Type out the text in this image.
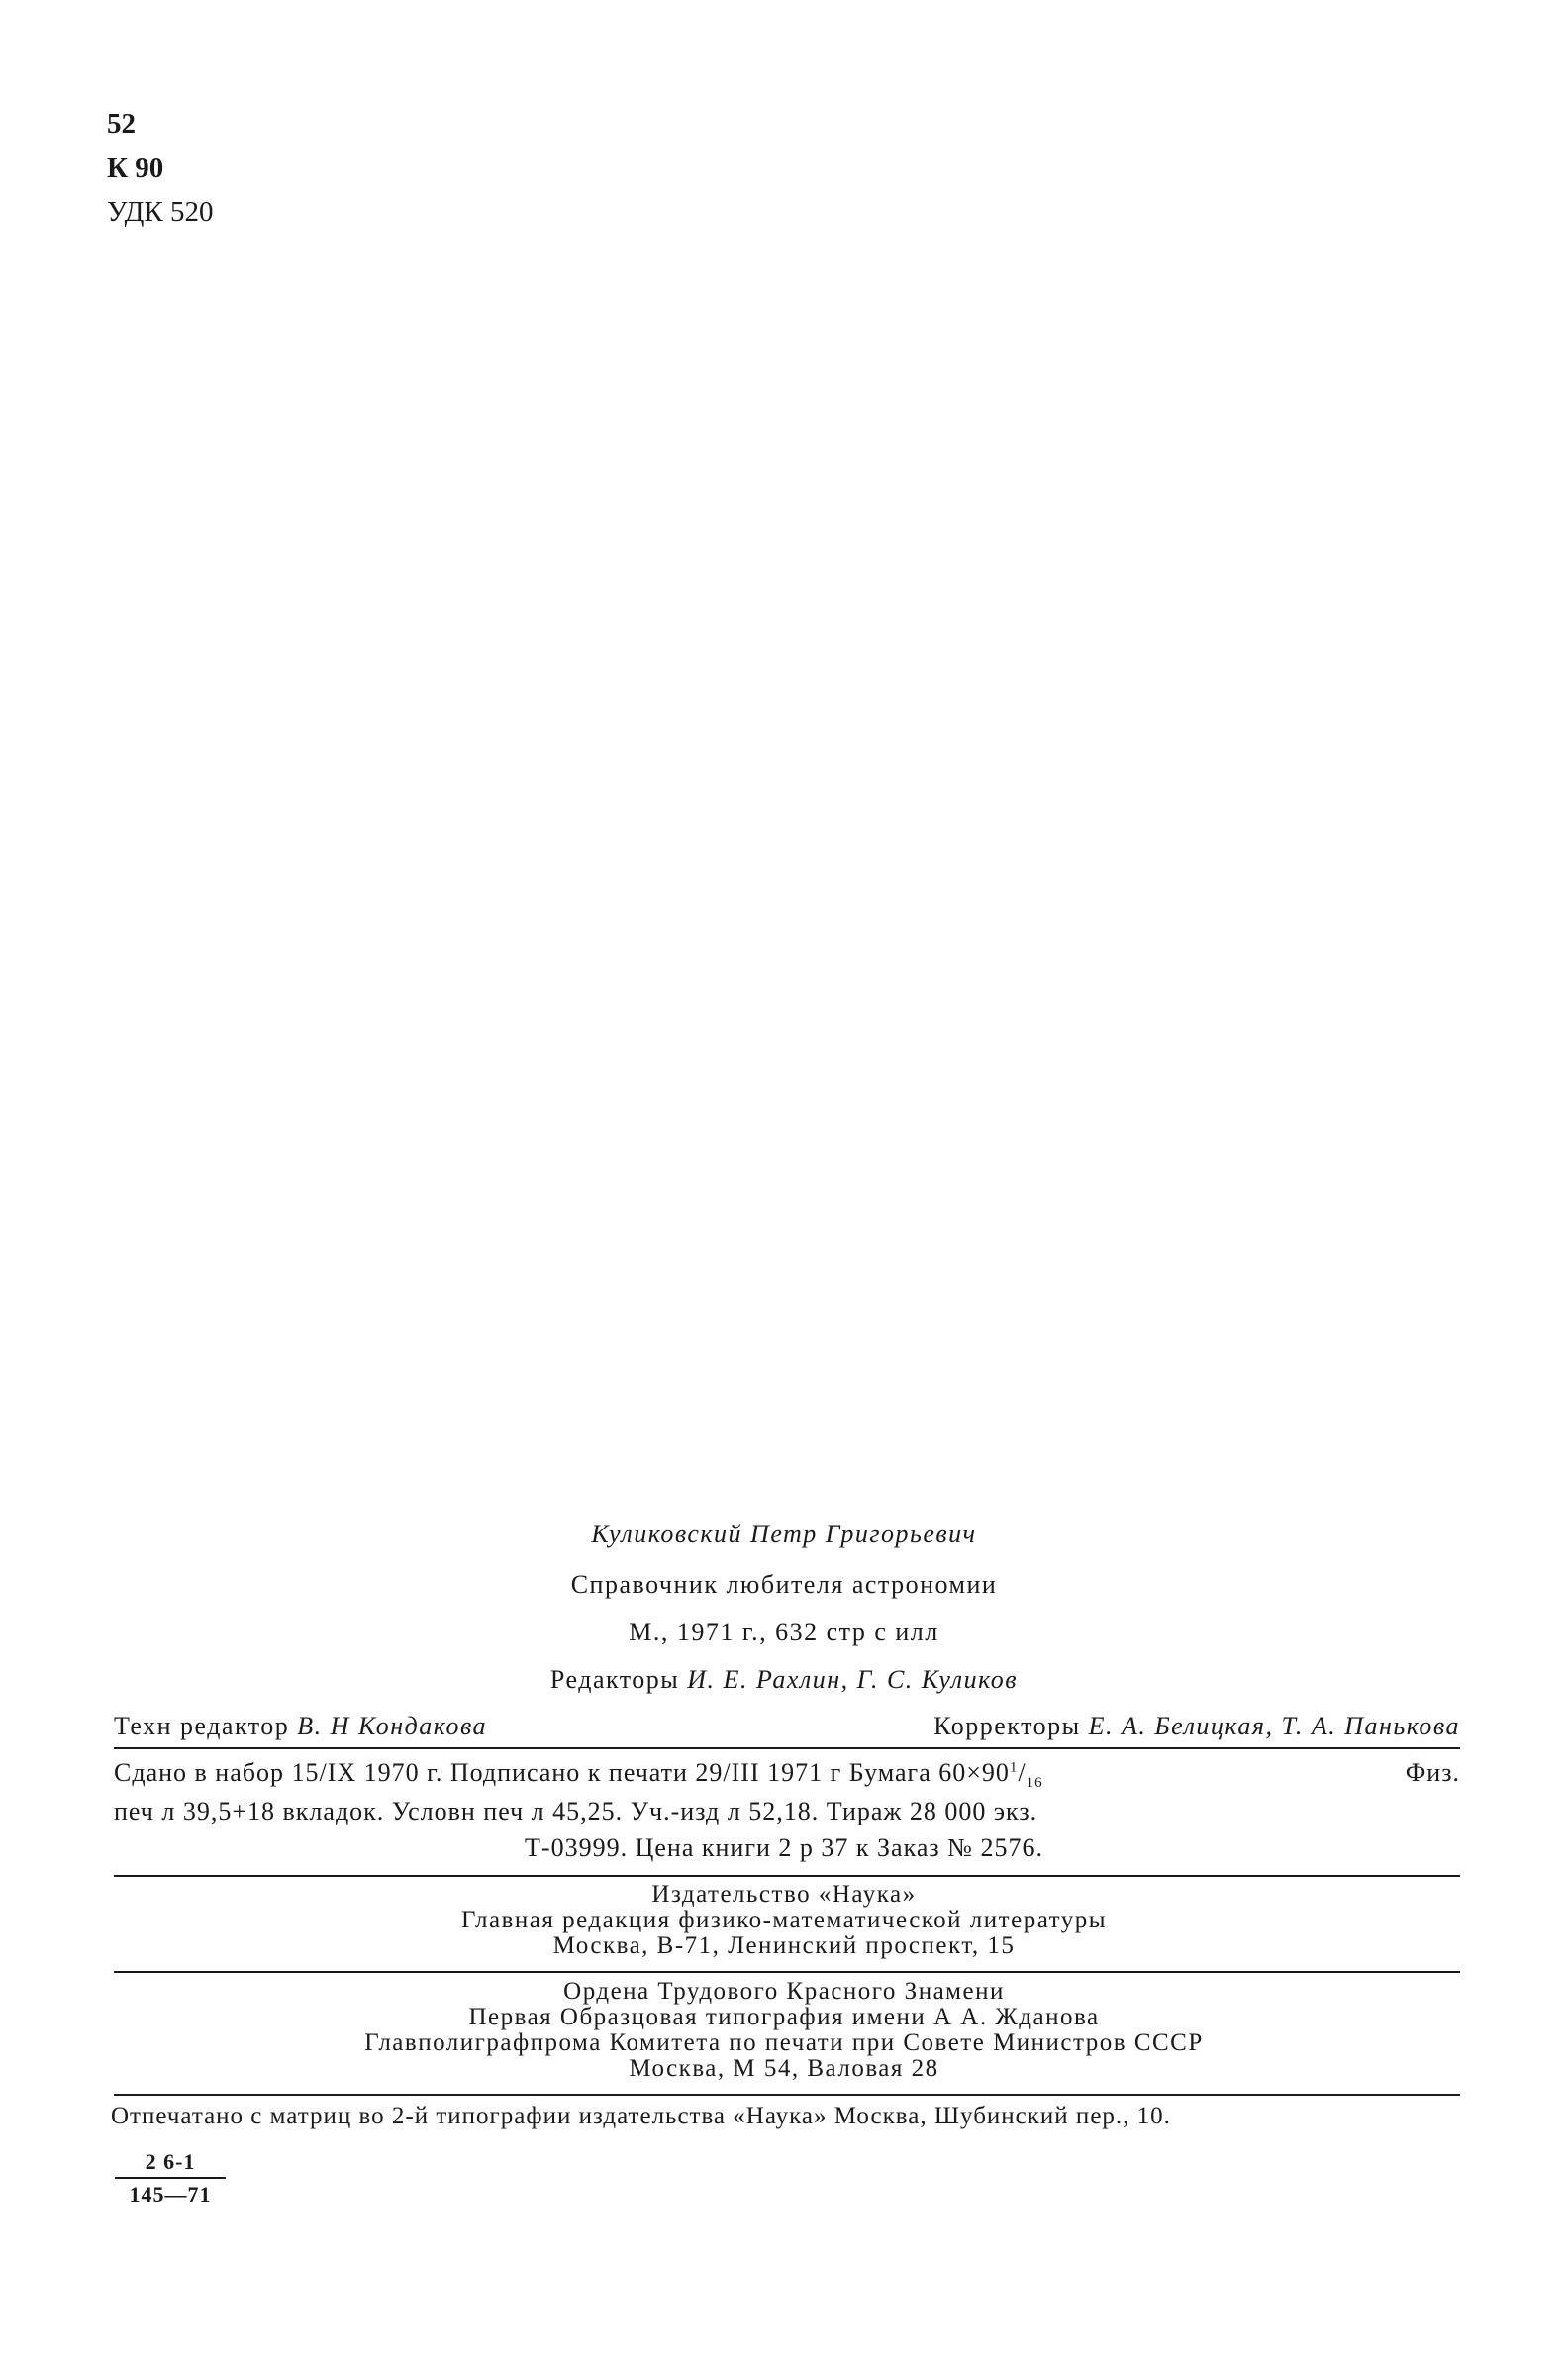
52
К 90
УДК 520
Куликовский Петр Григорьевич
Справочник любителя астрономии
М., 1971 г., 632 стр с илл
Редакторы И. Е. Рахлин, Г. С. Куликов
Техн редактор В. Н Кондакова	Корректоры Е. А. Белицкая, Т. А. Панькова
Сдано в набор 15/IX 1970 г. Подписано к печати 29/III 1971 г Бумага $60\times 90^1/_{16}$	Физ.
печ л 39,5+18 вкладок. Условн печ л 45,25. Уч.-изд л 52,18. Тираж 28 000 экз.
Т-03999. Цена книги 2 р 37 к Заказ № 2576.
Издательство «Наука»
Главная редакция физико-математической литературы
Москва, В-71, Ленинский проспект, 15
Ордена Трудового Красного Знамени
Первая Образцовая типография имени А А. Жданова
Главполиграфпрома Комитета по печати при Совете Министров СССР
Москва, М 54, Валовая 28
Отпечатано с матриц во 2-й типографии издательства «Наука» Москва, Шубинский пер., 10.
2 6-1
145—71
